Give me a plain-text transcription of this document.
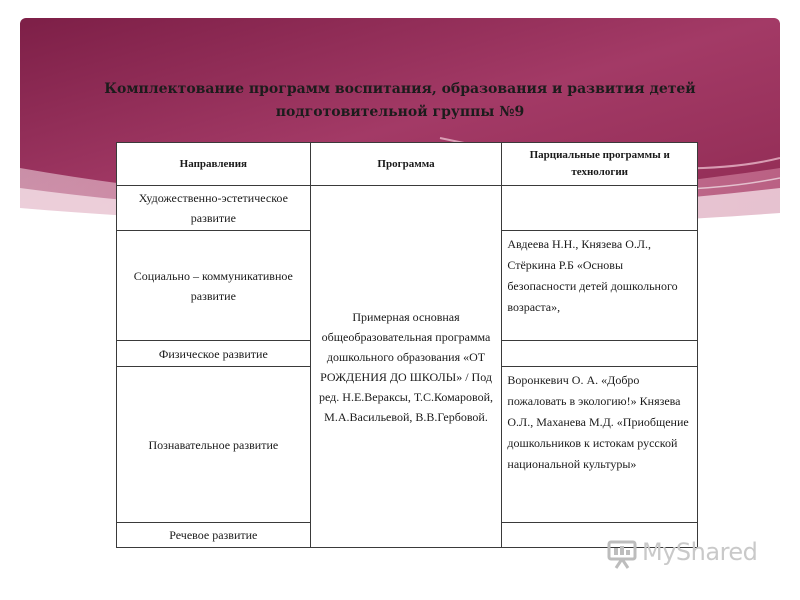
Комплектование программ воспитания, образования и развития детей
подготовительной группы №9
Направления	Программа	Парциальные программы и технологии
Художественно-эстетическое развитие	Примерная основная общеобразовательная программа дошкольного образования «ОТ РОЖДЕНИЯ ДО ШКОЛЫ» / Под ред. Н.Е.Вераксы, Т.С.Комаровой, М.А.Васильевой, В.В.Гербовой.	
Социально – коммуникативное развитие		Авдеева Н.Н., Князева О.Л., Стёркина Р.Б «Основы безопасности детей дошкольного возраста»,
Физическое развитие		
Познавательное развитие		Воронкевич О. А. «Добро пожаловать в экологию!» Князева О.Л., Маханева М.Д. «Приобщение дошкольников к истокам русской национальной культуры»
Речевое развитие		
MyShared
